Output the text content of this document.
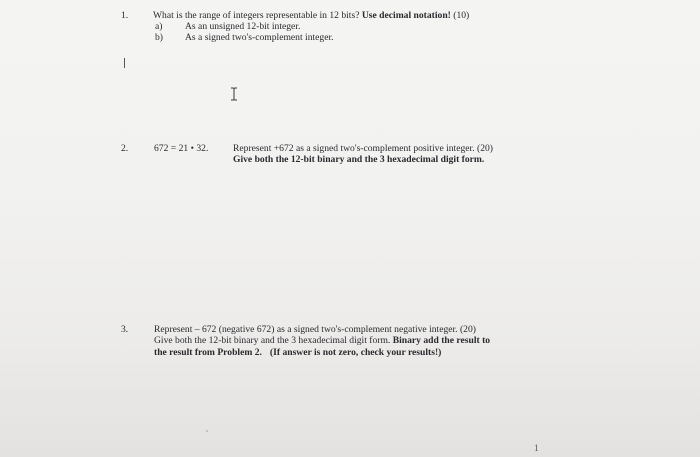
1.	What is the range of integers representable in 12 bits? Use decimal notation! (10)
a) As an unsigned 12-bit integer.
b) As a signed two's-complement integer.
2.	672 = 21 • 32.	Represent +672 as a signed two's-complement positive integer. (20)
Give both the 12-bit binary and the 3 hexadecimal digit form.
3.	Represent – 672 (negative 672) as a signed two's-complement negative integer. (20)
Give both the 12-bit binary and the 3 hexadecimal digit form. Binary add the result to
the result from Problem 2. (If answer is not zero, check your results!)
1
